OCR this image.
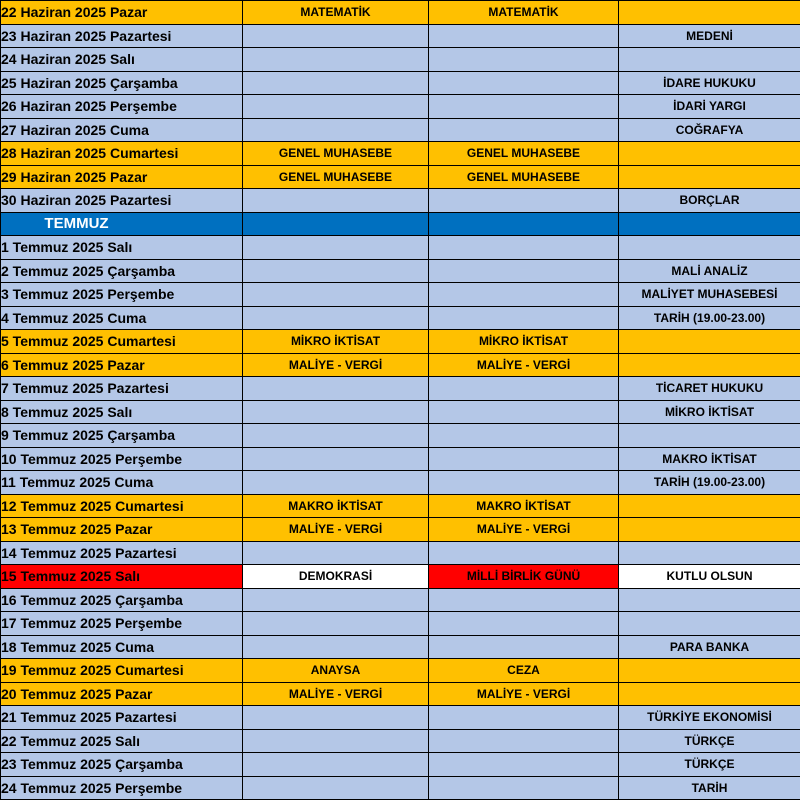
22 Haziran 2025 Pazar	MATEMATİK	MATEMATİK	
23 Haziran 2025 Pazartesi			MEDENİ
24 Haziran 2025 Salı			
25 Haziran 2025 Çarşamba			İDARE HUKUKU
26 Haziran 2025 Perşembe			İDARİ YARGI
27 Haziran 2025 Cuma			COĞRAFYA
28 Haziran 2025 Cumartesi	GENEL MUHASEBE	GENEL MUHASEBE	
29 Haziran 2025 Pazar	GENEL MUHASEBE	GENEL MUHASEBE	
30 Haziran 2025 Pazartesi			BORÇLAR
TEMMUZ			
1 Temmuz 2025 Salı			
2 Temmuz 2025 Çarşamba			MALİ ANALİZ
3 Temmuz 2025 Perşembe			MALİYET MUHASEBESİ
4 Temmuz 2025 Cuma			TARİH (19.00-23.00)
5 Temmuz 2025 Cumartesi	MİKRO İKTİSAT	MİKRO İKTİSAT	
6 Temmuz 2025 Pazar	MALİYE - VERGİ	MALİYE - VERGİ	
7 Temmuz 2025 Pazartesi			TİCARET HUKUKU
8 Temmuz 2025 Salı			MİKRO İKTİSAT
9 Temmuz 2025 Çarşamba			
10 Temmuz 2025 Perşembe			MAKRO İKTİSAT
11 Temmuz 2025 Cuma			TARİH (19.00-23.00)
12 Temmuz 2025 Cumartesi	MAKRO İKTİSAT	MAKRO İKTİSAT	
13 Temmuz 2025 Pazar	MALİYE - VERGİ	MALİYE - VERGİ	
14 Temmuz 2025 Pazartesi			
15 Temmuz 2025 Salı	DEMOKRASİ	MİLLİ BİRLİK GÜNÜ	KUTLU OLSUN
16 Temmuz 2025 Çarşamba			
17 Temmuz 2025 Perşembe			
18 Temmuz 2025 Cuma			PARA BANKA
19 Temmuz 2025 Cumartesi	ANAYSA	CEZA	
20 Temmuz 2025 Pazar	MALİYE - VERGİ	MALİYE - VERGİ	
21 Temmuz 2025 Pazartesi			TÜRKİYE EKONOMİSİ
22 Temmuz 2025 Salı			TÜRKÇE
23 Temmuz 2025 Çarşamba			TÜRKÇE
24 Temmuz 2025 Perşembe			TARİH
